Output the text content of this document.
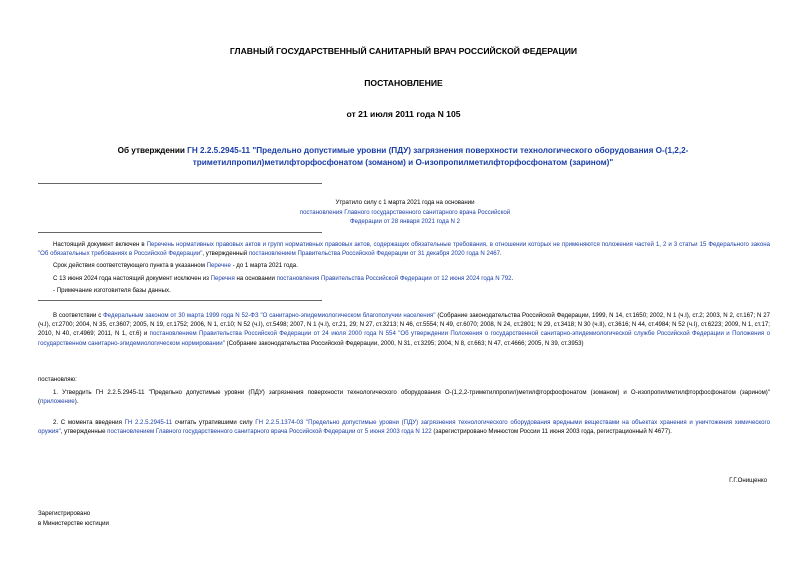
ГЛАВНЫЙ ГОСУДАРСТВЕННЫЙ САНИТАРНЫЙ ВРАЧ РОССИЙСКОЙ ФЕДЕРАЦИИ
ПОСТАНОВЛЕНИЕ
от 21 июля 2011 года N 105
Об утверждении ГН 2.2.5.2945-11 "Предельно допустимые уровни (ПДУ) загрязнения поверхности технологического оборудования О-(1,2,2-триметилпропил)метилфторфосфонатом (зоманом) и О-изопропилметилфторфосфонатом (зарином)"
Утратило силу с 1 марта 2021 года на основании
постановления Главного государственного санитарного врача Российской Федерации от 28 января 2021 года N 2
Настоящий документ включен в Перечень нормативных правовых актов и групп нормативных правовых актов, содержащих обязательные требования, в отношении которых не применяются положения частей 1, 2 и 3 статьи 15 Федерального закона "Об обязательных требованиях в Российской Федерации", утвержденный постановлением Правительства Российской Федерации от 31 декабря 2020 года N 2467.
Срок действия соответствующего пункта в указанном Перечне - до 1 марта 2021 года.
С 13 июня 2024 года настоящий документ исключен из Перечня на основании постановления Правительства Российской Федерации от 12 июня 2024 года N 792.
- Примечание изготовителя базы данных.
В соответствии с Федеральным законом от 30 марта 1999 года N 52-ФЗ "О санитарно-эпидемиологическом благополучии населения" (Собрание законодательства Российской Федерации, 1999, N 14, ст.1650; 2002, N 1 (ч.I), ст.2; 2003, N 2, ст.167; N 27 (ч.I), ст.2700; 2004, N 35, ст.3607; 2005, N 19, ст.1752; 2006, N 1, ст.10; N 52 (ч.I), ст.5498; 2007, N 1 (ч.I), ст.21, 29; N 27, ст.3213; N 46, ст.5554; N 49, ст.6070; 2008, N 24, ст.2801; N 29, ст.3418; N 30 (ч.II), ст.3616; N 44, ст.4984; N 52 (ч.I), ст.6223; 2009, N 1, ст.17; 2010, N 40, ст.4969; 2011, N 1, ст.6) и постановлением Правительства Российской Федерации от 24 июля 2000 года N 554 "Об утверждении Положения о государственной санитарно-эпидемиологической службе Российской Федерации и Положения о государственном санитарно-эпидемиологическом нормировании" (Собрание законодательства Российской Федерации, 2000, N 31, ст.3295; 2004, N 8, ст.663; N 47, ст.4666; 2005, N 39, ст.3953)
постановляю:
1. Утвердить ГН 2.2.5.2945-11 "Предельно допустимые уровни (ПДУ) загрязнения поверхности технологического оборудования О-(1,2,2-триметилпропил)метилфторфосфонатом (зоманом) и О-изопропилметилфторфосфонатом (зарином)" (приложение).
2. С момента введения ГН 2.2.5.2945-11 считать утратившими силу ГН 2.2.5.1374-03 "Предельно допустимые уровни (ПДУ) загрязнения технологического оборудования вредными веществами на объектах хранения и уничтожения химического оружия", утвержденные постановлением Главного государственного санитарного врача Российской Федерации от 5 июня 2003 года N 122 (зарегистрировано Минюстом России 11 июня 2003 года, регистрационный N 4677).
Г.Г.Онищенко
Зарегистрировано
в Министерстве юстиции
